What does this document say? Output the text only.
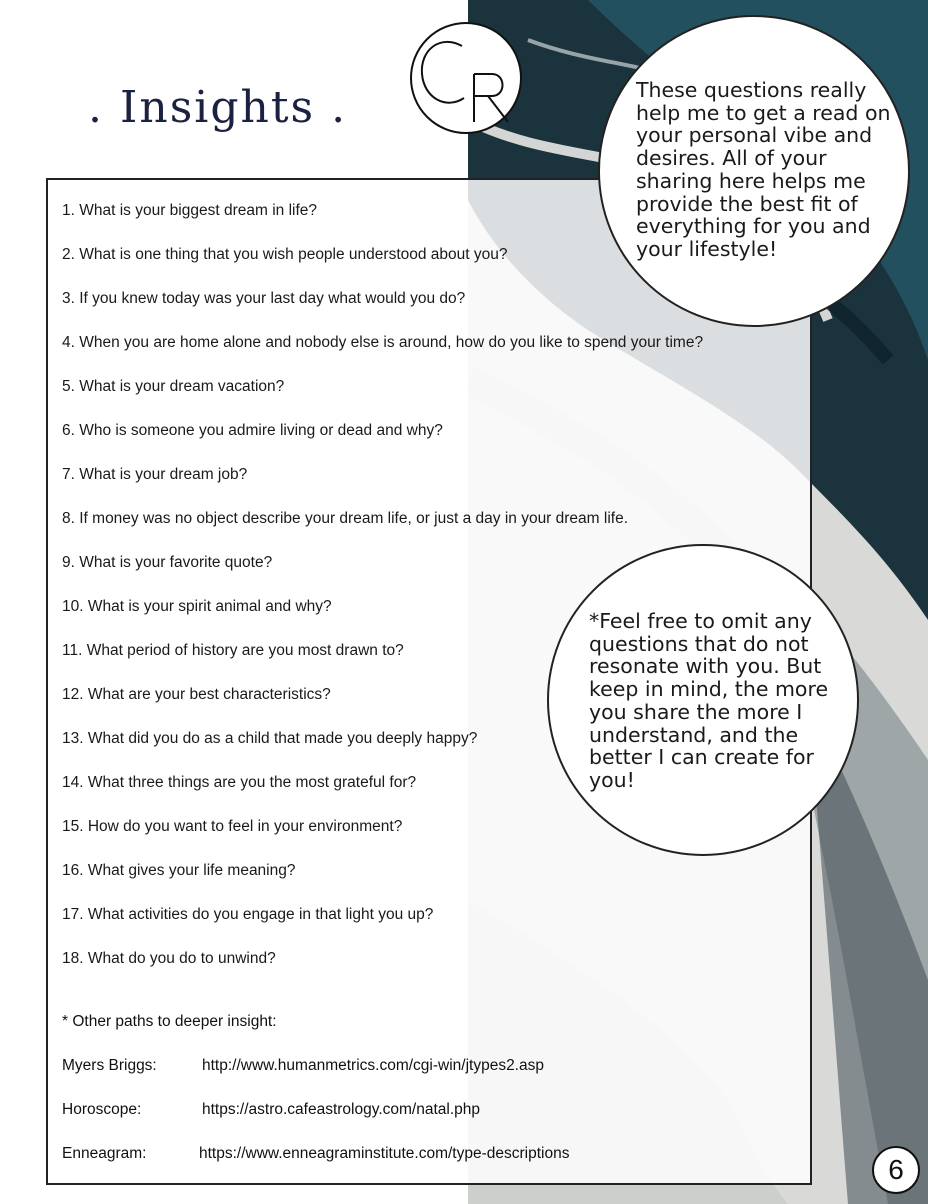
. Insights .
1. What is your biggest dream in life?
2. What is one thing that you wish people understood about you?
3. If you knew today was your last day what would you do?
4. When you are home alone and nobody else is around, how do you like to spend your time?
5. What is your dream vacation?
6. Who is someone you admire living or dead and why?
7. What is your dream job?
8. If money was no object describe your dream life, or just a day in your dream life.
9. What is your favorite quote?
10. What is your spirit animal and why?
11. What period of history are you most drawn to?
12. What are your best characteristics?
13. What did you do as a child that made you deeply happy?
14. What three things are you the most grateful for?
15. How do you want to feel in your environment?
16. What gives your life meaning?
17. What activities do you engage in that light you up?
18. What do you do to unwind?

* Other paths to deeper insight:

Myers Briggs:	http://www.humanmetrics.com/cgi-win/jtypes2.asp
Horoscope:	https://astro.cafeastrology.com/natal.php
Enneagram:	https://www.enneagraminstitute.com/type-descriptions

These questions really help me to get a read on your personal vibe and desires. All of your sharing here helps me provide the best fit of everything for you and your lifestyle!

*Feel free to omit any questions that do not resonate with you. But keep in mind, the more you share the more I understand, and the better I can create for you!

6
